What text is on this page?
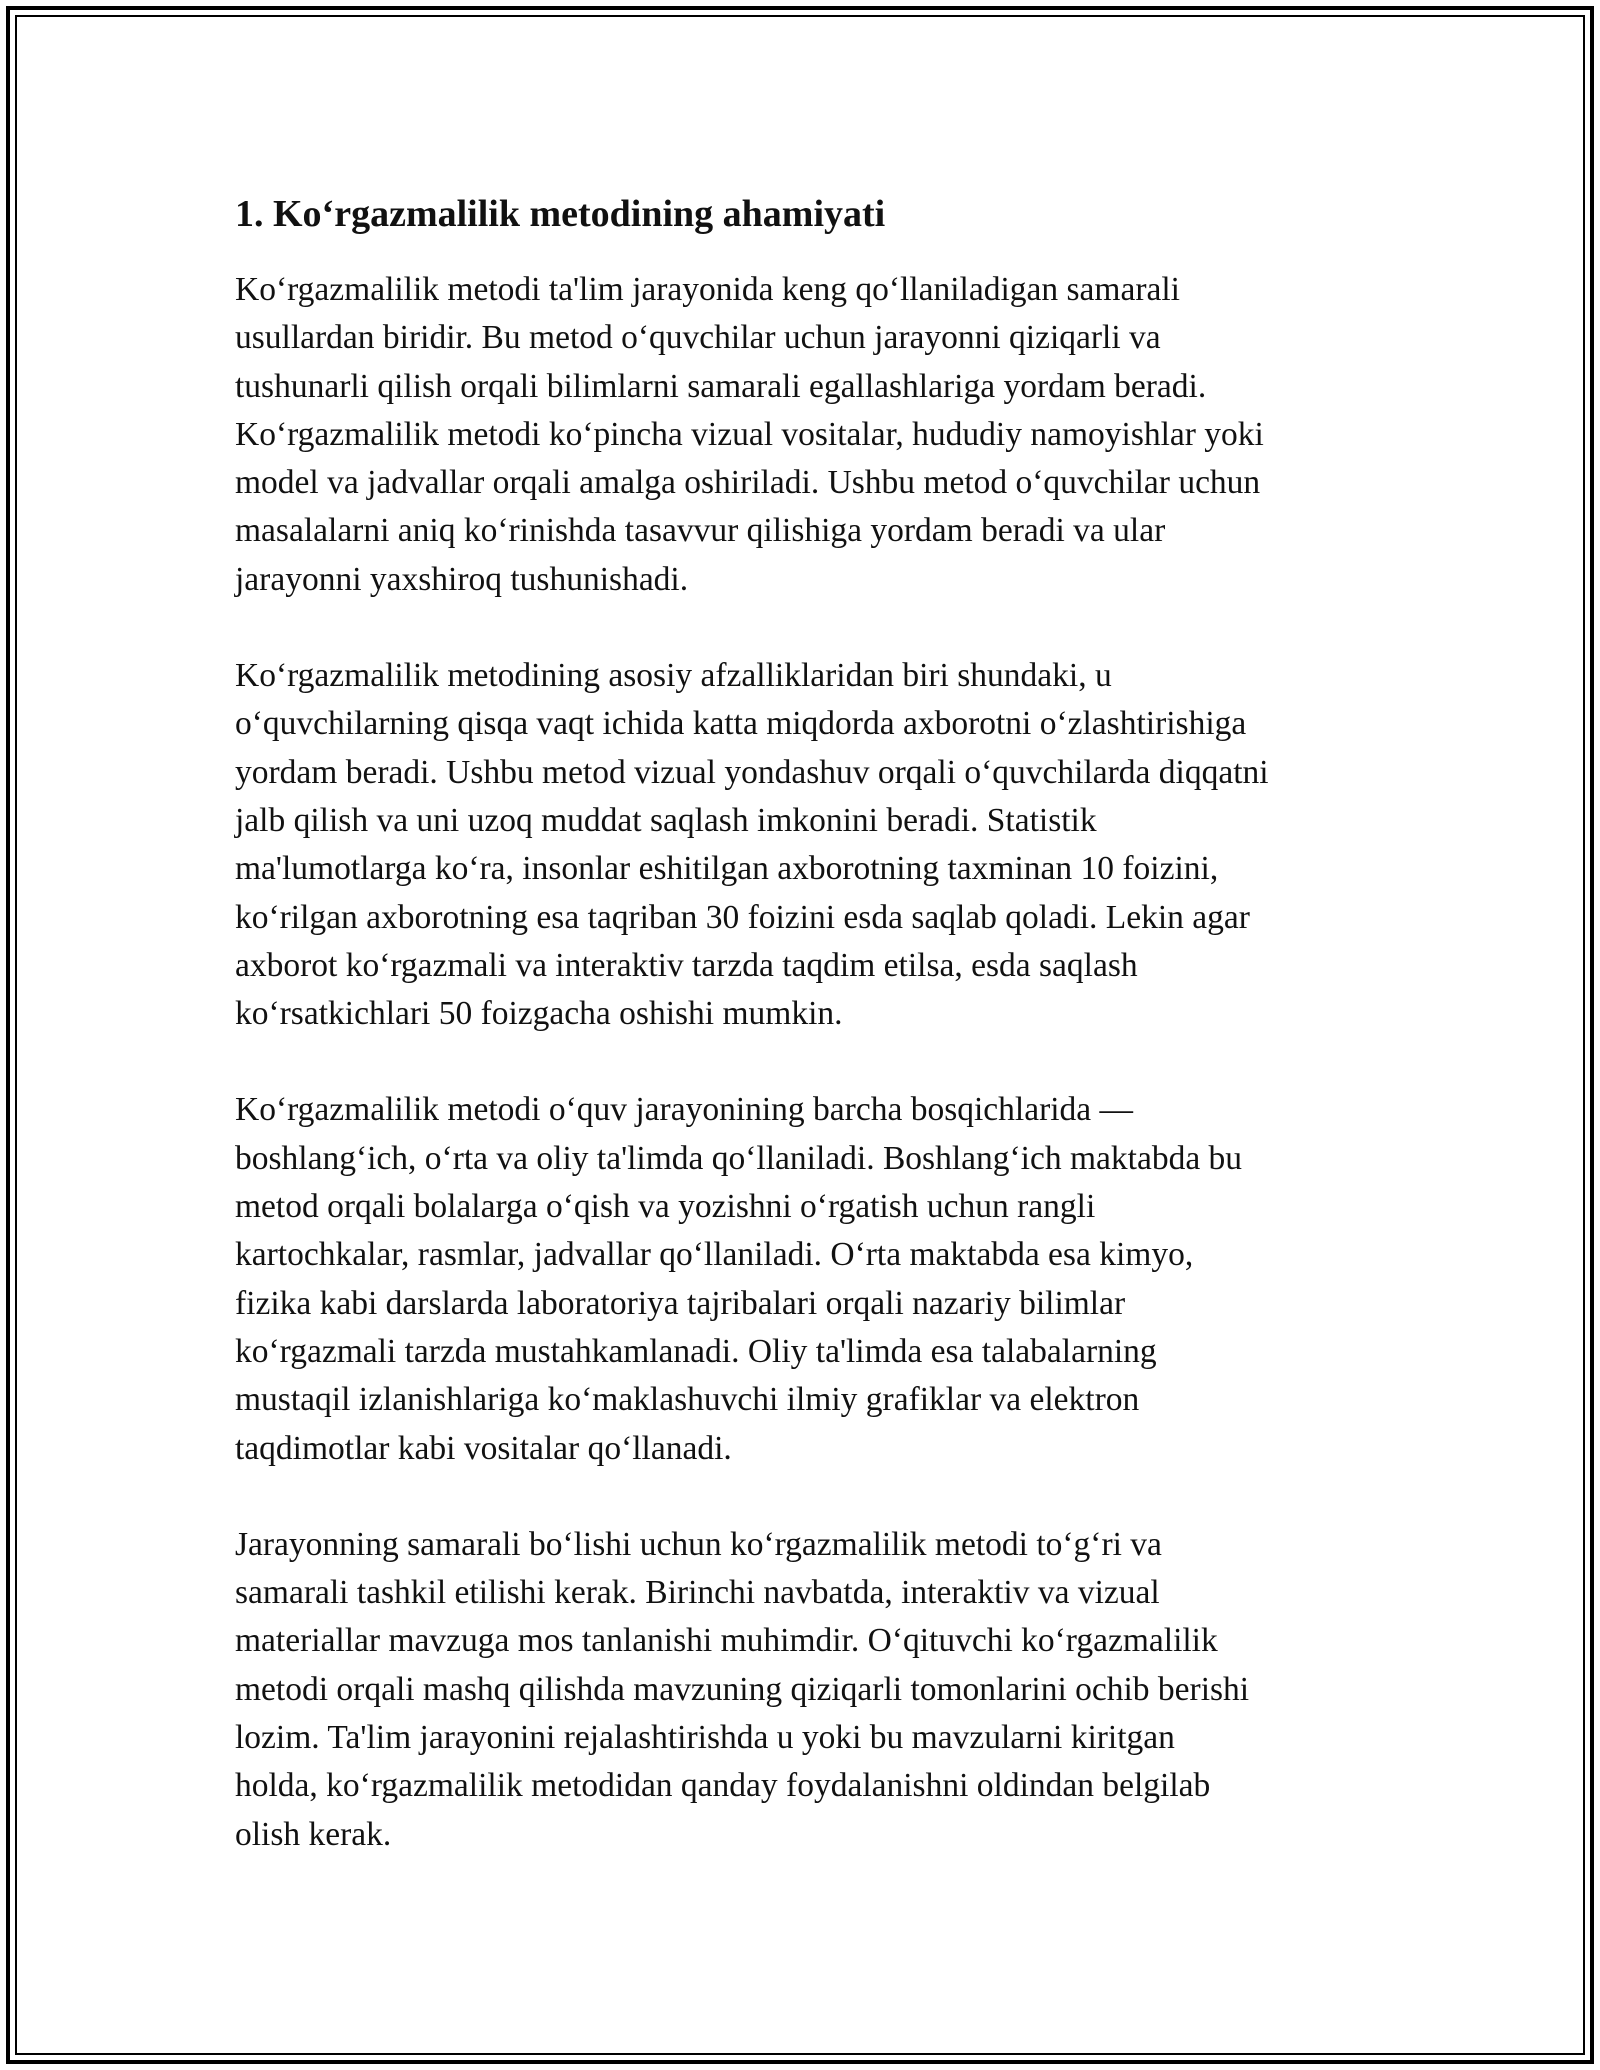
1. Ko‘rgazmalilik metodining ahamiyati

Ko‘rgazmalilik metodi ta'lim jarayonida keng qo‘llaniladigan samarali
usullardan biridir. Bu metod o‘quvchilar uchun jarayonni qiziqarli va
tushunarli qilish orqali bilimlarni samarali egallashlariga yordam beradi.
Ko‘rgazmalilik metodi ko‘pincha vizual vositalar, hududiy namoyishlar yoki
model va jadvallar orqali amalga oshiriladi. Ushbu metod o‘quvchilar uchun
masalalarni aniq ko‘rinishda tasavvur qilishiga yordam beradi va ular
jarayonni yaxshiroq tushunishadi.

Ko‘rgazmalilik metodining asosiy afzalliklaridan biri shundaki, u
o‘quvchilarning qisqa vaqt ichida katta miqdorda axborotni o‘zlashtirishiga
yordam beradi. Ushbu metod vizual yondashuv orqali o‘quvchilarda diqqatni
jalb qilish va uni uzoq muddat saqlash imkonini beradi. Statistik
ma'lumotlarga ko‘ra, insonlar eshitilgan axborotning taxminan 10 foizini,
ko‘rilgan axborotning esa taqriban 30 foizini esda saqlab qoladi. Lekin agar
axborot ko‘rgazmali va interaktiv tarzda taqdim etilsa, esda saqlash
ko‘rsatkichlari 50 foizgacha oshishi mumkin.

Ko‘rgazmalilik metodi o‘quv jarayonining barcha bosqichlarida —
boshlang‘ich, o‘rta va oliy ta'limda qo‘llaniladi. Boshlang‘ich maktabda bu
metod orqali bolalarga o‘qish va yozishni o‘rgatish uchun rangli
kartochkalar, rasmlar, jadvallar qo‘llaniladi. O‘rta maktabda esa kimyo,
fizika kabi darslarda laboratoriya tajribalari orqali nazariy bilimlar
ko‘rgazmali tarzda mustahkamlanadi. Oliy ta'limda esa talabalarning
mustaqil izlanishlariga ko‘maklashuvchi ilmiy grafiklar va elektron
taqdimotlar kabi vositalar qo‘llanadi.

Jarayonning samarali bo‘lishi uchun ko‘rgazmalilik metodi to‘g‘ri va
samarali tashkil etilishi kerak. Birinchi navbatda, interaktiv va vizual
materiallar mavzuga mos tanlanishi muhimdir. O‘qituvchi ko‘rgazmalilik
metodi orqali mashq qilishda mavzuning qiziqarli tomonlarini ochib berishi
lozim. Ta'lim jarayonini rejalashtirishda u yoki bu mavzularni kiritgan
holda, ko‘rgazmalilik metodidan qanday foydalanishni oldindan belgilab
olish kerak.
